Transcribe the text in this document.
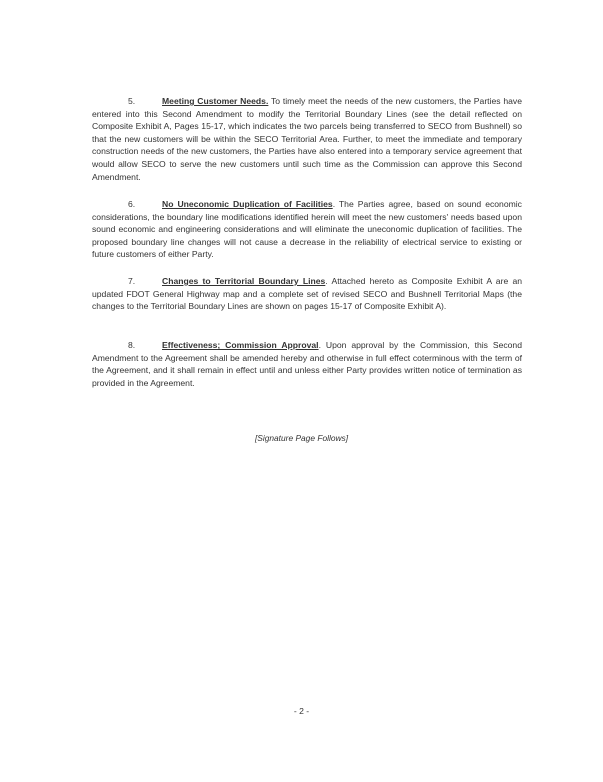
5.	Meeting Customer Needs. To timely meet the needs of the new customers, the Parties have entered into this Second Amendment to modify the Territorial Boundary Lines (see the detail reflected on Composite Exhibit A, Pages 15-17, which indicates the two parcels being transferred to SECO from Bushnell) so that the new customers will be within the SECO Territorial Area. Further, to meet the immediate and temporary construction needs of the new customers, the Parties have also entered into a temporary service agreement that would allow SECO to serve the new customers until such time as the Commission can approve this Second Amendment.

6.	No Uneconomic Duplication of Facilities. The Parties agree, based on sound economic considerations, the boundary line modifications identified herein will meet the new customers' needs based upon sound economic and engineering considerations and will eliminate the uneconomic duplication of facilities. The proposed boundary line changes will not cause a decrease in the reliability of electrical service to existing or future customers of either Party.

7.	Changes to Territorial Boundary Lines. Attached hereto as Composite Exhibit A are an updated FDOT General Highway map and a complete set of revised SECO and Bushnell Territorial Maps (the changes to the Territorial Boundary Lines are shown on pages 15-17 of Composite Exhibit A).

8.	Effectiveness; Commission Approval. Upon approval by the Commission, this Second Amendment to the Agreement shall be amended hereby and otherwise in full effect coterminous with the term of the Agreement, and it shall remain in effect until and unless either Party provides written notice of termination as provided in the Agreement.

[Signature Page Follows]

- 2 -
